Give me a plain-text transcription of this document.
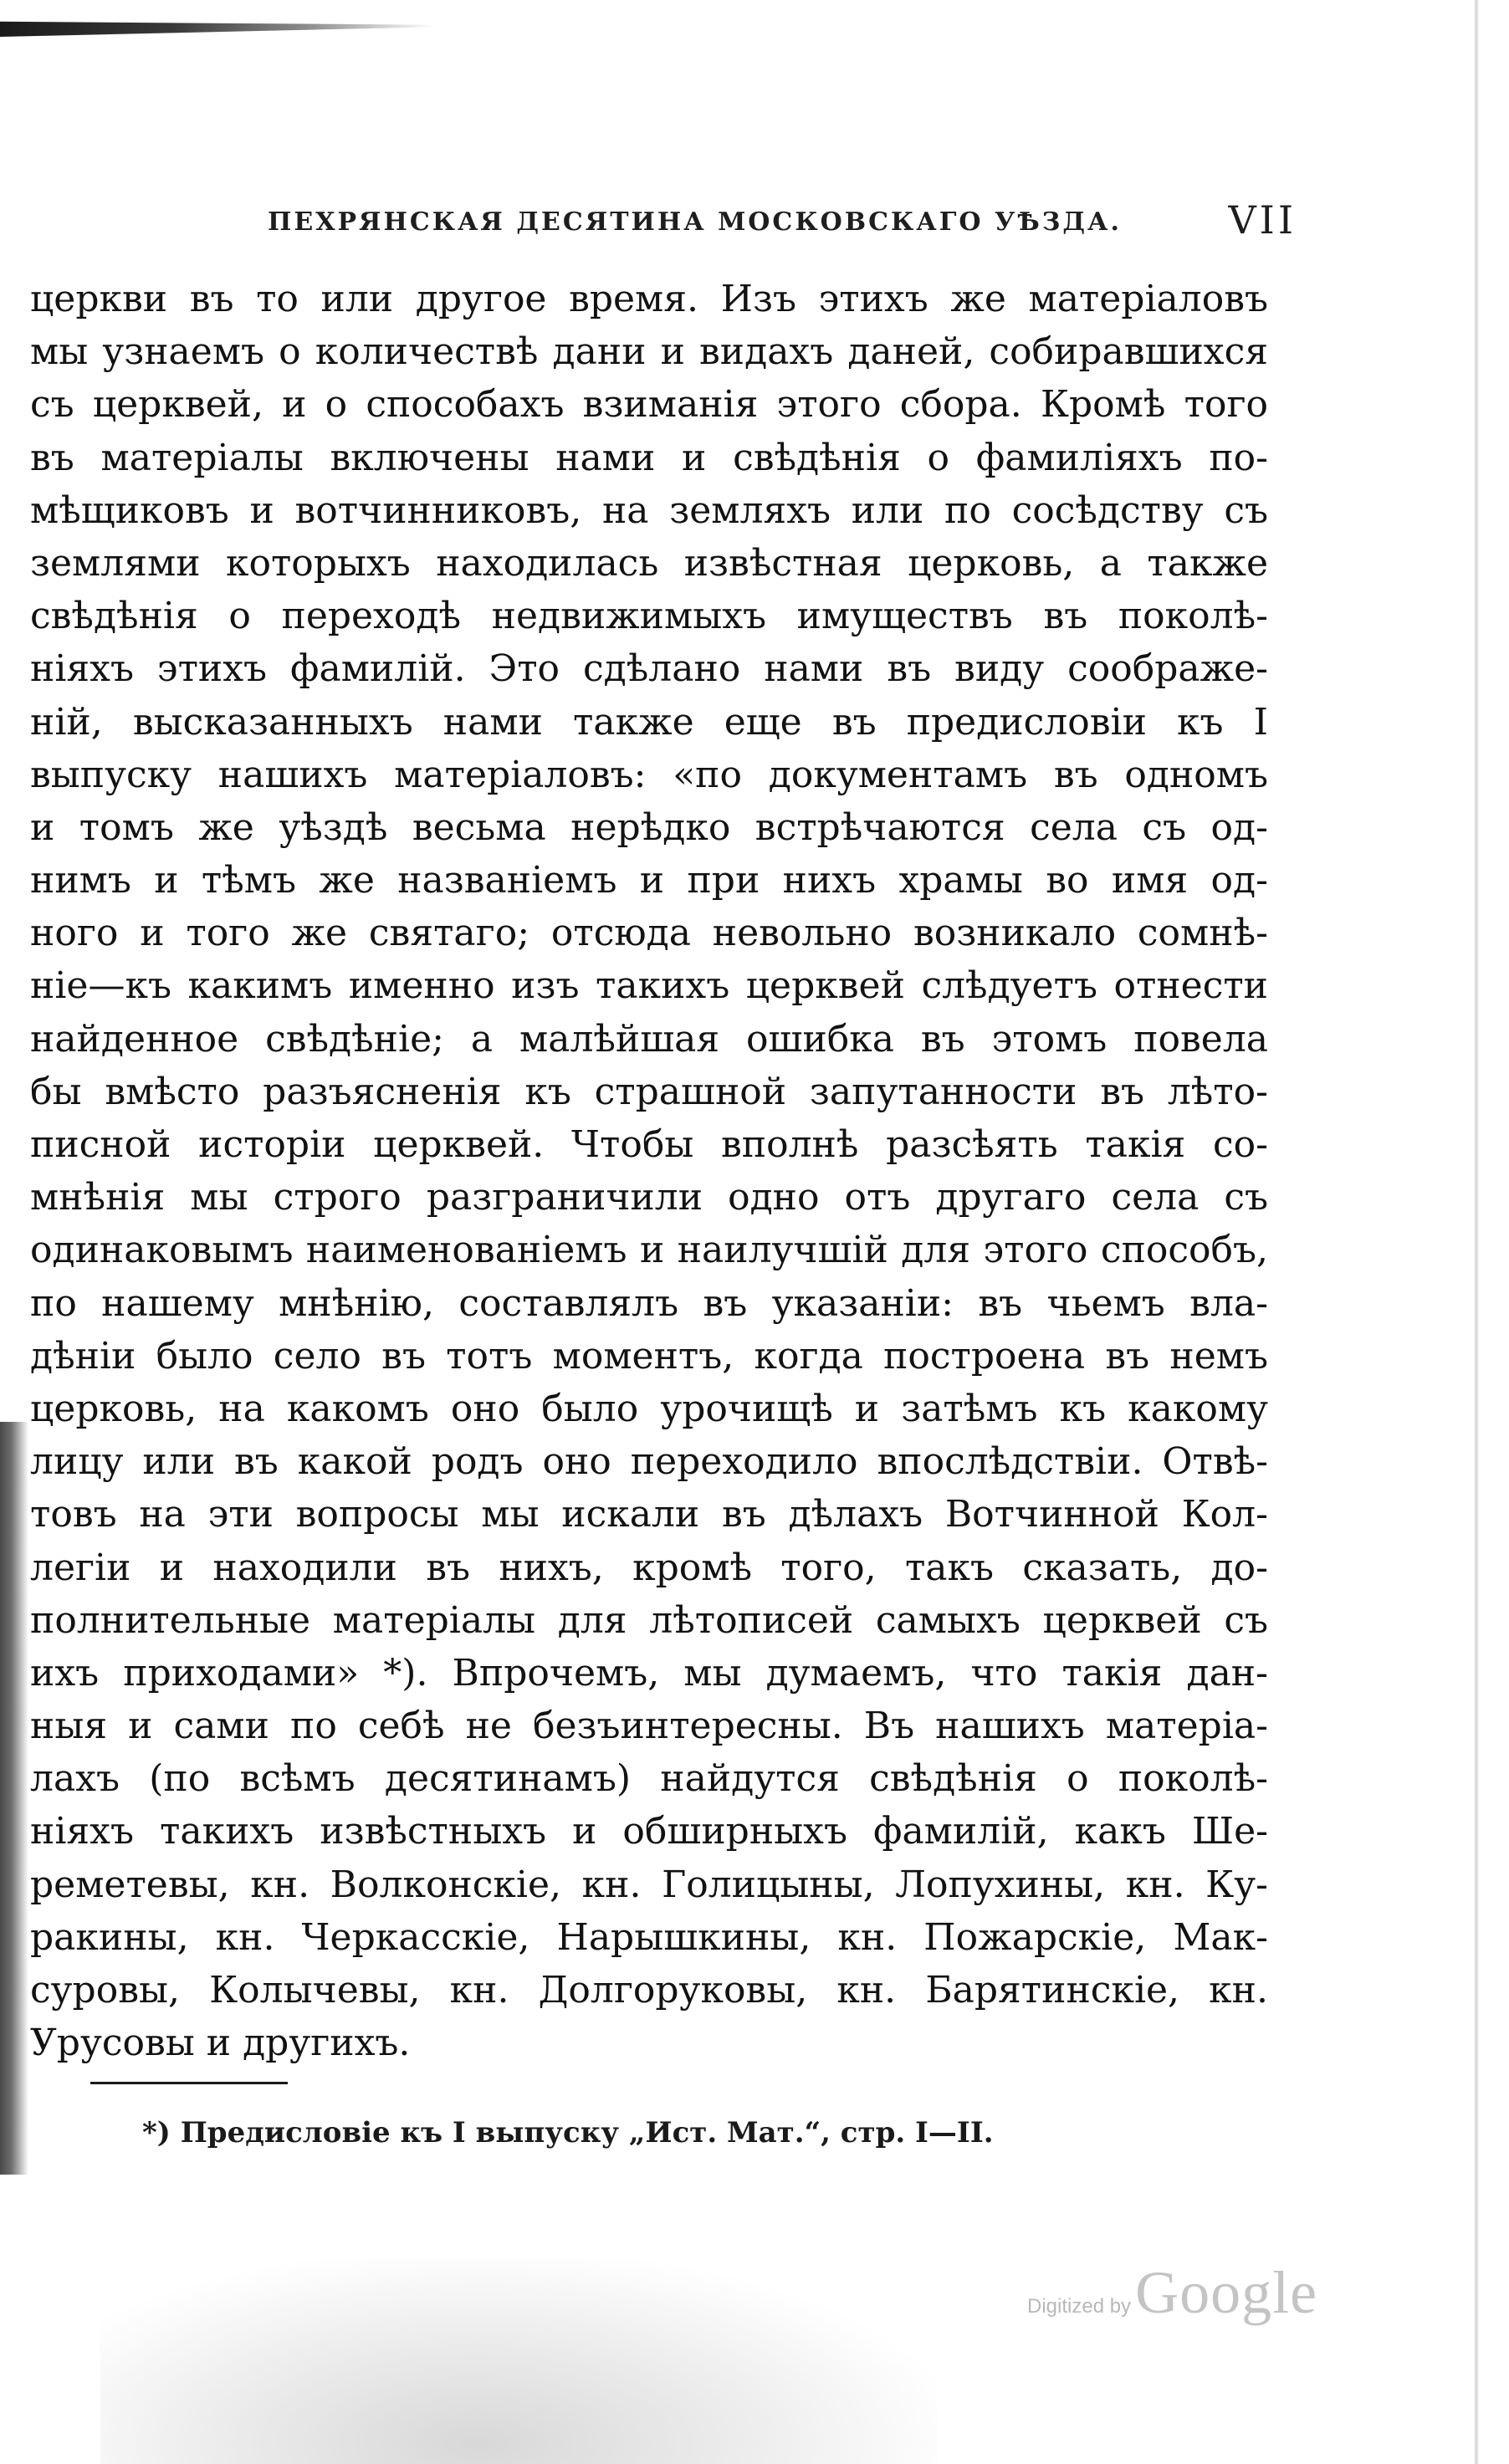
ПЕХРЯНСКАЯ ДЕСЯТИНА МОСКОВСКАГО УѢЗДА.	VII
церкви въ то или другое время. Изъ этихъ же матеріаловъ
мы узнаемъ о количествѣ дани и видахъ даней, собиравшихся
съ церквей, и о способахъ взиманія этого сбора. Кромѣ того
въ матеріалы включены нами и свѣдѣнія о фамиліяхъ по-
мѣщиковъ и вотчинниковъ, на земляхъ или по сосѣдству съ
землями которыхъ находилась извѣстная церковь, а также
свѣдѣнія о переходѣ недвижимыхъ имуществъ въ поколѣ-
ніяхъ этихъ фамилій. Это сдѣлано нами въ виду соображе-
ній, высказанныхъ нами также еще въ предисловіи къ I
выпуску нашихъ матеріаловъ: «по документамъ въ одномъ
и томъ же уѣздѣ весьма нерѣдко встрѣчаются села съ од-
нимъ и тѣмъ же названіемъ и при нихъ храмы во имя од-
ного и того же святаго; отсюда невольно возникало сомнѣ-
ніе—къ какимъ именно изъ такихъ церквей слѣдуетъ отнести
найденное свѣдѣніе; а малѣйшая ошибка въ этомъ повела
бы вмѣсто разъясненія къ страшной запутанности въ лѣто-
писной исторіи церквей. Чтобы вполнѣ разсѣять такія со-
мнѣнія мы строго разграничили одно отъ другаго села съ
одинаковымъ наименованіемъ и наилучшій для этого способъ,
по нашему мнѣнію, составлялъ въ указаніи: въ чьемъ вла-
дѣніи было село въ тотъ моментъ, когда построена въ немъ
церковь, на какомъ оно было урочищѣ и затѣмъ къ какому
лицу или въ какой родъ оно переходило впослѣдствіи. Отвѣ-
товъ на эти вопросы мы искали въ дѣлахъ Вотчинной Кол-
легіи и находили въ нихъ, кромѣ того, такъ сказать, до-
полнительные матеріалы для лѣтописей самыхъ церквей съ
ихъ приходами» *). Впрочемъ, мы думаемъ, что такія дан-
ныя и сами по себѣ не безъинтересны. Въ нашихъ матеріа-
лахъ (по всѣмъ десятинамъ) найдутся свѣдѣнія о поколѣ-
ніяхъ такихъ извѣстныхъ и обширныхъ фамилій, какъ Ше-
реметевы, кн. Волконскіе, кн. Голицыны, Лопухины, кн. Ку-
ракины, кн. Черкасскіе, Нарышкины, кн. Пожарскіе, Мак-
суровы, Колычевы, кн. Долгоруковы, кн. Барятинскіе, кн.
Урусовы и другихъ.
*) Предисловіе къ I выпуску „Ист. Мат.“, стр. I—II.
Digitized by Google
